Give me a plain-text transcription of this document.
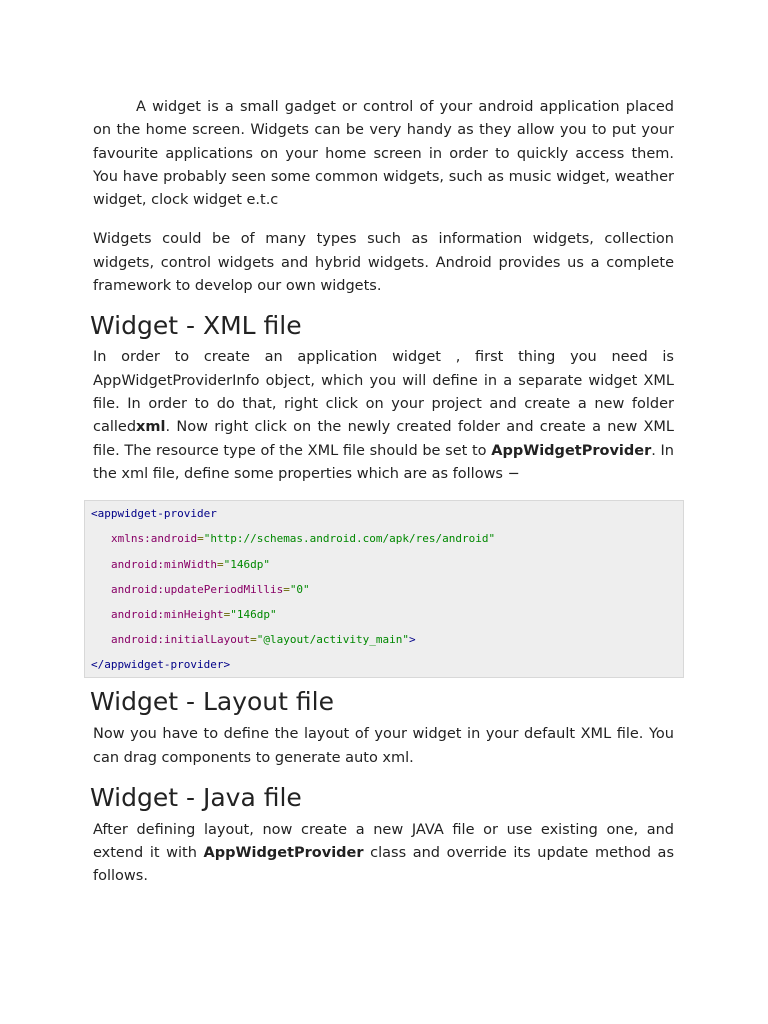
A widget is a small gadget or control of your android application placed on the home screen. Widgets can be very handy as they allow you to put your favourite applications on your home screen in order to quickly access them. You have probably seen some common widgets, such as music widget, weather widget, clock widget e.t.c

Widgets could be of many types such as information widgets, collection widgets, control widgets and hybrid widgets. Android provides us a complete framework to develop our own widgets.

Widget - XML file

In order to create an application widget , first thing you need is AppWidgetProviderInfo object, which you will define in a separate widget XML file. In order to do that, right click on your project and create a new folder calledxml. Now right click on the newly created folder and create a new XML file. The resource type of the XML file should be set to AppWidgetProvider. In the xml file, define some properties which are as follows −

<appwidget-provider
xmlns:android="http://schemas.android.com/apk/res/android"
android:minWidth="146dp"
android:updatePeriodMillis="0"
android:minHeight="146dp"
android:initialLayout="@layout/activity_main">
</appwidget-provider>
Widget - Layout file

Now you have to define the layout of your widget in your default XML file. You can drag components to generate auto xml.

Widget - Java file

After defining layout, now create a new JAVA file or use existing one, and extend it with AppWidgetProvider class and override its update method as follows.
